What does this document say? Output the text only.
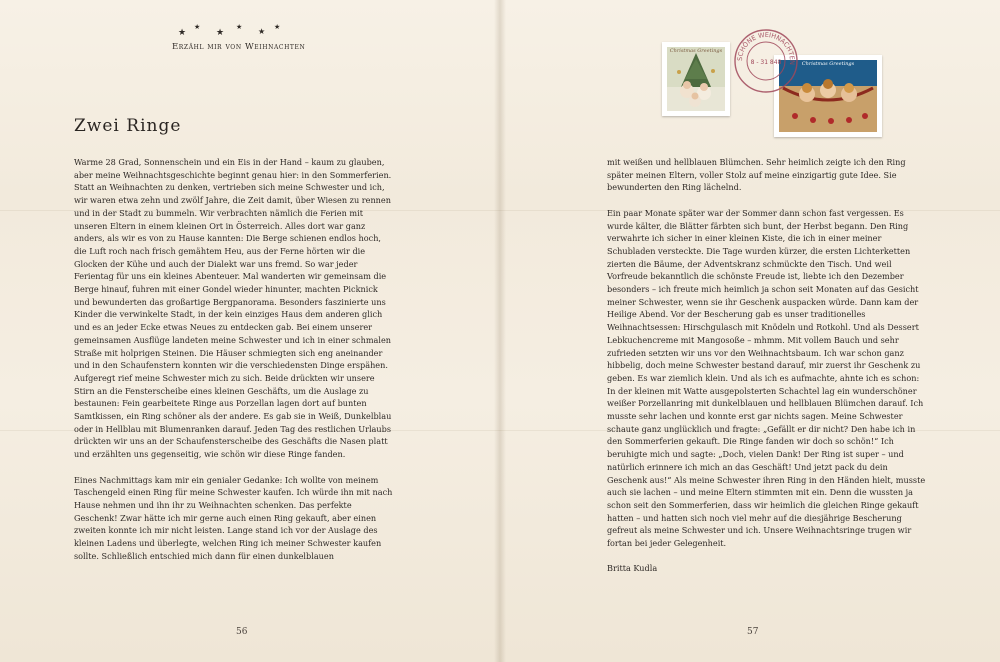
★
★
★
★ ★ ★
Erzähl mir von Weihnachten
Zwei Ringe

Warme 28 Grad, Sonnenschein und ein Eis in der Hand – kaum zu glauben, aber meine Weihnachtsgeschichte beginnt genau hier: in den Sommerferien. Statt an Weihnachten zu denken, vertrieben sich meine Schwester und ich, wir waren etwa zehn und zwölf Jahre, die Zeit damit, über Wiesen zu rennen und in der Stadt zu bummeln. Wir verbrachten nämlich die Ferien mit unseren Eltern in einem kleinen Ort in Österreich. Alles dort war ganz anders, als wir es von zu Hause kannten: Die Berge schienen endlos hoch, die Luft roch nach frisch gemähtem Heu, aus der Ferne hörten wir die Glocken der Kühe und auch der Dialekt war uns fremd. So war jeder Ferientag für uns ein kleines Abenteuer. Mal wanderten wir gemeinsam die Berge hinauf, fuhren mit einer Gondel wieder hinunter, machten Picknick und bewunderten das großartige Bergpanorama. Besonders faszinierte uns Kinder die verwinkelte Stadt, in der kein einziges Haus dem anderen glich und es an jeder Ecke etwas Neues zu entdecken gab. Bei einem unserer gemeinsamen Ausflüge landeten meine Schwester und ich in einer schmalen Straße mit holprigen Steinen. Die Häuser schmiegten sich eng aneinander und in den Schaufenstern konnten wir die verschiedensten Dinge erspähen. Aufgeregt rief meine Schwester mich zu sich. Beide drückten wir unsere Stirn an die Fensterscheibe eines kleinen Geschäfts, um die Auslage zu bestaunen: Fein gearbeitete Ringe aus Porzellan lagen dort auf bunten Samtkissen, ein Ring schöner als der andere. Es gab sie in Weiß, Dunkelblau oder in Hellblau mit Blumenranken darauf. Jeden Tag des restlichen Urlaubs drückten wir uns an der Schaufensterscheibe des Geschäfts die Nasen platt und erzählten uns gegenseitig, wie schön wir diese Ringe fanden.

Eines Nachmittags kam mir ein genialer Gedanke: Ich wollte von meinem Taschengeld einen Ring für meine Schwester kaufen. Ich würde ihn mit nach Hause nehmen und ihn ihr zu Weihnachten schenken. Das perfekte Geschenk! Zwar hätte ich mir gerne auch einen Ring gekauft, aber einen zweiten konnte ich mir nicht leisten. Lange stand ich vor der Auslage des kleinen Ladens und überlegte, welchen Ring ich meiner Schwester kaufen sollte. Schließlich entschied mich dann für einen dunkelblauen

56
Christmas Greetings
Christmas Greetings
SCHÖNE WEIHNACHTEN
8 - 31 848

mit weißen und hellblauen Blümchen. Sehr heimlich zeigte ich den Ring später meinen Eltern, voller Stolz auf meine einzigartig gute Idee. Sie bewunderten den Ring lächelnd.

Ein paar Monate später war der Sommer dann schon fast vergessen. Es wurde kälter, die Blätter färbten sich bunt, der Herbst begann. Den Ring verwahrte ich sicher in einer kleinen Kiste, die ich in einer meiner Schubladen versteckte. Die Tage wurden kürzer, die ersten Lichterketten zierten die Bäume, der Adventskranz schmückte den Tisch. Und weil Vorfreude bekanntlich die schönste Freude ist, liebte ich den Dezember besonders – ich freute mich heimlich ja schon seit Monaten auf das Gesicht meiner Schwester, wenn sie ihr Geschenk auspacken würde. Dann kam der Heilige Abend. Vor der Bescherung gab es unser traditionelles Weihnachtsessen: Hirschgulasch mit Knödeln und Rotkohl. Und als Dessert Lebkuchencreme mit Mangosoße – mhmm. Mit vollem Bauch und sehr zufrieden setzten wir uns vor den Weihnachtsbaum. Ich war schon ganz hibbelig, doch meine Schwester bestand darauf, mir zuerst ihr Geschenk zu geben. Es war ziemlich klein. Und als ich es aufmachte, ahnte ich es schon: In der kleinen mit Watte ausgepolsterten Schachtel lag ein wunderschöner weißer Porzellanring mit dunkelblauen und hellblauen Blümchen darauf. Ich musste sehr lachen und konnte erst gar nichts sagen. Meine Schwester schaute ganz unglücklich und fragte: „Gefällt er dir nicht? Den habe ich in den Sommerferien gekauft. Die Ringe fanden wir doch so schön!“ Ich beruhigte mich und sagte: „Doch, vielen Dank! Der Ring ist super – und natürlich erinnere ich mich an das Geschäft! Und jetzt pack du dein Geschenk aus!“ Als meine Schwester ihren Ring in den Händen hielt, musste auch sie lachen – und meine Eltern stimmten mit ein. Denn die wussten ja schon seit den Sommerferien, dass wir heimlich die gleichen Ringe gekauft hatten – und hatten sich noch viel mehr auf die diesjährige Bescherung gefreut als meine Schwester und ich. Unsere Weihnachtsringe trugen wir fortan bei jeder Gelegenheit.

Britta Kudla

57
